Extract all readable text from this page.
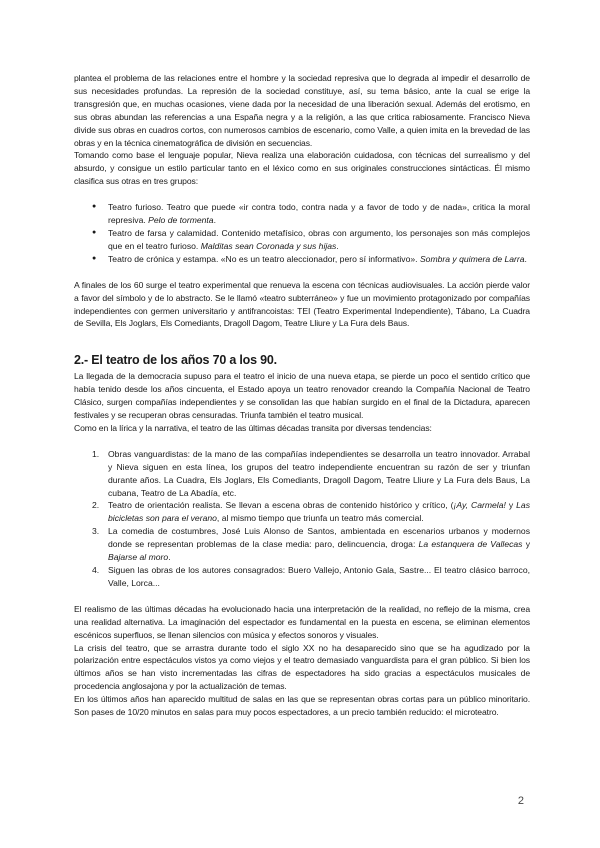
plantea el problema de las relaciones entre el hombre y la sociedad represiva que lo degrada al impedir el desarrollo de sus necesidades profundas. La represión de la sociedad constituye, así, su tema básico, ante la cual se erige la transgresión que, en muchas ocasiones, viene dada por la necesidad de una liberación sexual. Además del erotismo, en sus obras abundan las referencias a una España negra y a la religión, a las que critica rabiosamente. Francisco Nieva divide sus obras en cuadros cortos, con numerosos cambios de escenario, como Valle, a quien imita en la brevedad de las obras y en la técnica cinematográfica de división en secuencias.

Tomando como base el lenguaje popular, Nieva realiza una elaboración cuidadosa, con técnicas del surrealismo y del absurdo, y consigue un estilo particular tanto en el léxico como en sus originales construcciones sintácticas. Él mismo clasifica sus otras en tres grupos:

● Teatro furioso. Teatro que puede «ir contra todo, contra nada y a favor de todo y de nada», critica la moral represiva. Pelo de tormenta.
● Teatro de farsa y calamidad. Contenido metafísico, obras con argumento, los personajes son más complejos que en el teatro furioso. Malditas sean Coronada y sus hijas.
● Teatro de crónica y estampa. «No es un teatro aleccionador, pero sí informativo». Sombra y quimera de Larra.

A finales de los 60 surge el teatro experimental que renueva la escena con técnicas audiovisuales. La acción pierde valor a favor del símbolo y de lo abstracto. Se le llamó «teatro subterráneo» y fue un movimiento protagonizado por compañías independientes con germen universitario y antifrancoistas: TEI (Teatro Experimental Independiente), Tábano, La Cuadra de Sevilla, Els Joglars, Els Comediants, Dragoll Dagom, Teatre Lliure y La Fura dels Baus.

2.- El teatro de los años 70 a los 90.

La llegada de la democracia supuso para el teatro el inicio de una nueva etapa, se pierde un poco el sentido crítico que había tenido desde los años cincuenta, el Estado apoya un teatro renovador creando la Compañía Nacional de Teatro Clásico, surgen compañías independientes y se consolidan las que habían surgido en el final de la Dictadura, aparecen festivales y se recuperan obras censuradas. Triunfa también el teatro musical.

Como en la lírica y la narrativa, el teatro de las últimas décadas transita por diversas tendencias:

1. Obras vanguardistas: de la mano de las compañías independientes se desarrolla un teatro innovador. Arrabal y Nieva siguen en esta línea, los grupos del teatro independiente encuentran su razón de ser y triunfan durante años. La Cuadra, Els Joglars, Els Comediants, Dragoll Dagom, Teatre Lliure y La Fura dels Baus, La cubana, Teatro de La Abadía, etc.
2. Teatro de orientación realista. Se llevan a escena obras de contenido histórico y crítico, (¡Ay, Carmela! y Las bicicletas son para el verano, al mismo tiempo que triunfa un teatro más comercial.
3. La comedia de costumbres, José Luis Alonso de Santos, ambientada en escenarios urbanos y modernos donde se representan problemas de la clase media: paro, delincuencia, droga: La estanquera de Vallecas y Bajarse al moro.
4. Siguen las obras de los autores consagrados: Buero Vallejo, Antonio Gala, Sastre... El teatro clásico barroco, Valle, Lorca...

El realismo de las últimas décadas ha evolucionado hacia una interpretación de la realidad, no reflejo de la misma, crea una realidad alternativa. La imaginación del espectador es fundamental en la puesta en escena, se eliminan elementos escénicos superfluos, se llenan silencios con música y efectos sonoros y visuales.

La crisis del teatro, que se arrastra durante todo el siglo XX no ha desaparecido sino que se ha agudizado por la polarización entre espectáculos vistos ya como viejos y el teatro demasiado vanguardista para el gran público. Si bien los últimos años se han visto incrementadas las cifras de espectadores ha sido gracias a espectáculos musicales de procedencia anglosajona y por la actualización de temas.

En los últimos años han aparecido multitud de salas en las que se representan obras cortas para un público minoritario. Son pases de 10/20 minutos en salas para muy pocos espectadores, a un precio también reducido: el microteatro.

2
